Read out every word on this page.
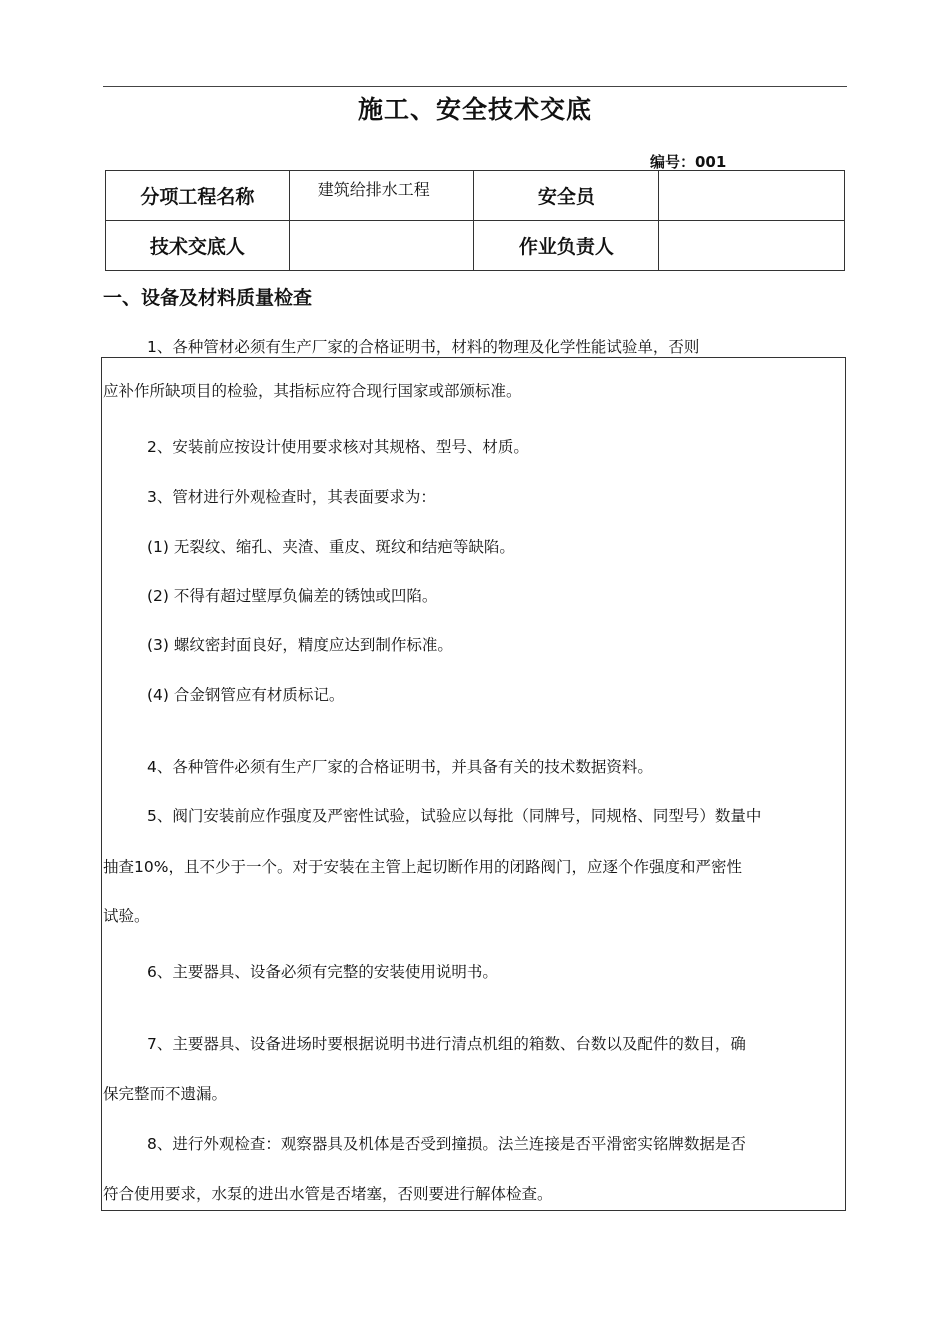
施工、安全技术交底
编号：001
分项工程名称	建筑给排水工程	安全员	
技术交底人		作业负责人	
一、设备及材料质量检查
1、各种管材必须有生产厂家的合格证明书，材料的物理及化学性能试验单，否则
应补作所缺项目的检验，其指标应符合现行国家或部颁标准。
2、安装前应按设计使用要求核对其规格、型号、材质。
3、管材进行外观检查时，其表面要求为：
(1) 无裂纹、缩孔、夹渣、重皮、斑纹和结疤等缺陷。
(2) 不得有超过壁厚负偏差的锈蚀或凹陷。
(3) 螺纹密封面良好，精度应达到制作标准。
(4) 合金钢管应有材质标记。
4、各种管件必须有生产厂家的合格证明书，并具备有关的技术数据资料。
5、阀门安装前应作强度及严密性试验，试验应以每批（同牌号，同规格、同型号）数量中
抽查10%，且不少于一个。对于安装在主管上起切断作用的闭路阀门，应逐个作强度和严密性
试验。
6、主要器具、设备必须有完整的安装使用说明书。
7、主要器具、设备进场时要根据说明书进行清点机组的箱数、台数以及配件的数目，确
保完整而不遗漏。
8、进行外观检查：观察器具及机体是否受到撞损。法兰连接是否平滑密实铭牌数据是否
符合使用要求，水泵的进出水管是否堵塞，否则要进行解体检查。
